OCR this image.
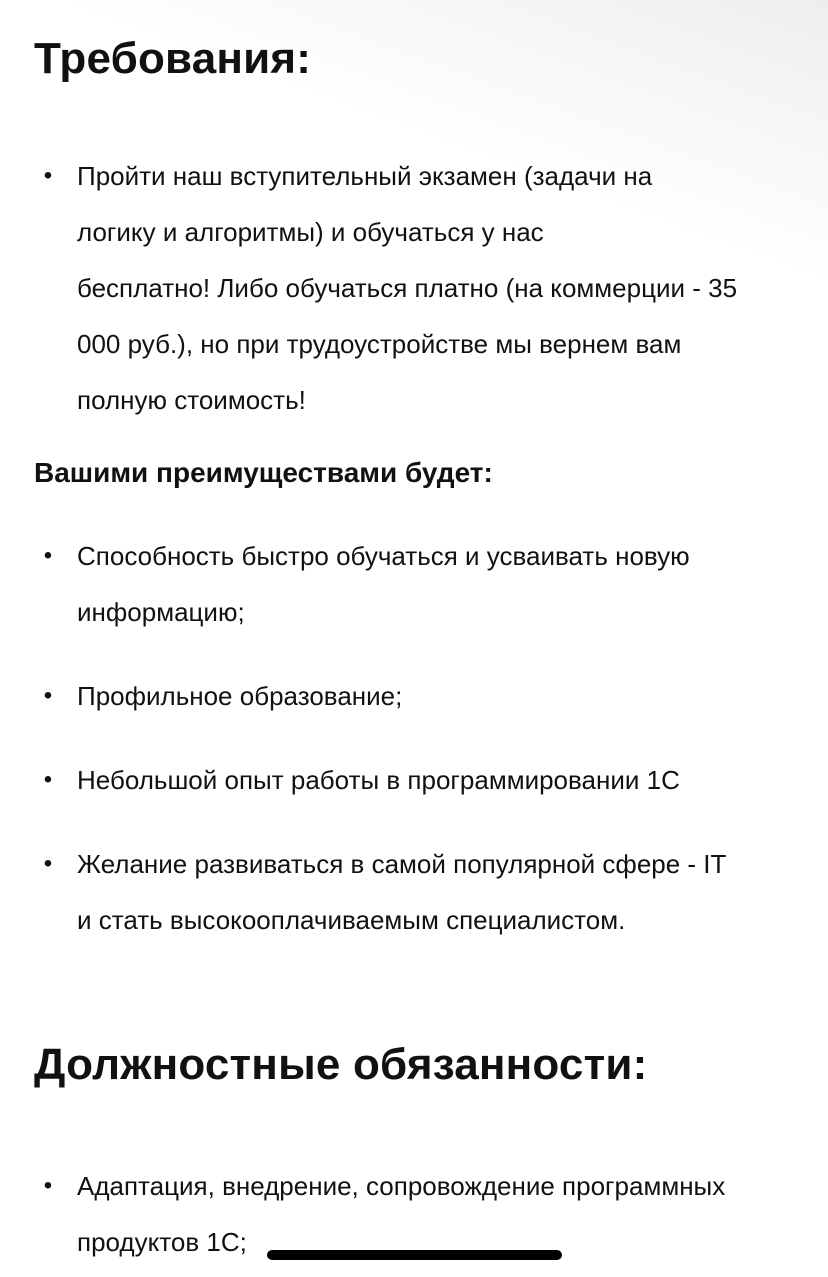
Требования:
• Пройти наш вступительный экзамен (задачи на
логику и алгоритмы) и обучаться у нас
бесплатно! Либо обучаться платно (на коммерции - 35
000 руб.), но при трудоустройстве мы вернем вам
полную стоимость!
Вашими преимуществами будет:
• Способность быстро обучаться и усваивать новую
информацию;
• Профильное образование;
• Небольшой опыт работы в программировании 1С
• Желание развиваться в самой популярной сфере - IT
и стать высокооплачиваемым специалистом.
Должностные обязанности:
• Адаптация, внедрение, сопровождение программных
продуктов 1С;
